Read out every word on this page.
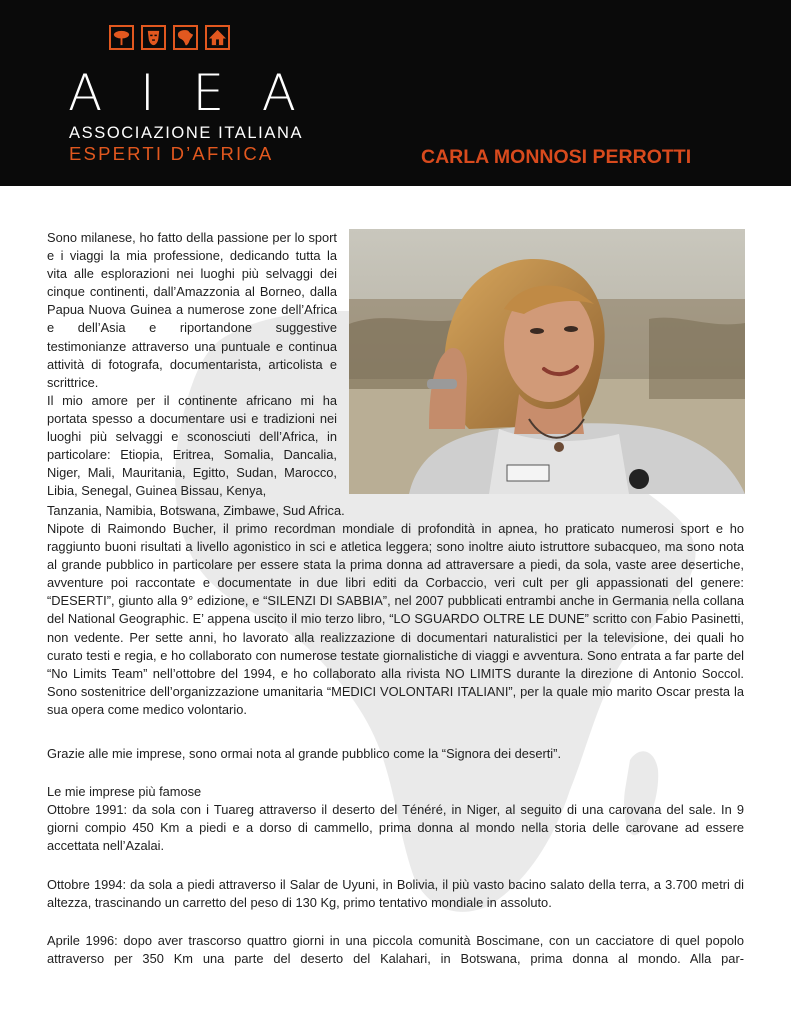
A I E A
ASSOCIAZIONE ITALIANA
ESPERTI D’AFRICA	CARLA MONNOSI PERROTTI

Sono milanese, ho fatto della passione per lo sport e i viaggi la mia professione, dedicando tutta la vita alle esplorazioni nei luoghi più selvaggi dei cinque continenti, dall’Amazzonia al Borneo, dalla Papua Nuova Guinea a numerose zone dell’Africa e dell’Asia e riportandone suggestive testimonianze attraverso una puntuale e continua attività di fotografa, documentarista, articolista e scrittrice.

Il mio amore per il continente africano mi ha portata spesso a documentare usi e tradizioni nei luoghi più selvaggi e sconosciuti dell’Africa, in particolare: Etiopia, Eritrea, Somalia, Dancalia, Niger, Mali, Mauritania, Egitto, Sudan, Marocco, Libia, Senegal, Guinea Bissau, Kenya,

Tanzania, Namibia, Botswana, Zimbawe, Sud Africa.

Nipote di Raimondo Bucher, il primo recordman mondiale di profondità in apnea, ho praticato numerosi sport e ho raggiunto buoni risultati a livello agonistico in sci e atletica leggera; sono inoltre aiuto istruttore subacqueo, ma sono nota al grande pubblico in particolare per essere stata la prima donna ad attraversare a piedi, da sola, vaste aree desertiche, avventure poi raccontate e documentate in due libri editi da Corbaccio, veri cult per gli appassionati del genere: “DESERTI”, giunto alla 9° edizione, e “SILENZI DI SABBIA”, nel 2007 pubblicati entrambi anche in Germania nella collana del National Geographic. E’ appena uscito il mio terzo libro, “LO SGUARDO OLTRE LE DUNE” scritto con Fabio Pasinetti, non vedente. Per sette anni, ho lavorato alla realizzazione di documentari naturalistici per la televisione, dei quali ho curato testi e regia, e ho collaborato con numerose testate giornalistiche di viaggi e avventura. Sono entrata a far parte del “No Limits Team” nell’ottobre del 1994, e ho collaborato alla rivista NO LIMITS durante la direzione di Antonio Soccol. Sono sostenitrice dell’organizzazione umanitaria “MEDICI VOLONTARI ITALIANI”, per la quale mio marito Oscar presta la sua opera come medico volontario.

Grazie alle mie imprese, sono ormai nota al grande pubblico come la “Signora dei deserti”.

Le mie imprese più famose

Ottobre 1991: da sola con i Tuareg attraverso il deserto del Ténéré, in Niger, al seguito di una carovana del sale. In 9 giorni compio 450 Km a piedi e a dorso di cammello, prima donna al mondo nella storia delle carovane ad essere accettata nell’Azalai.

Ottobre 1994: da sola a piedi attraverso il Salar de Uyuni, in Bolivia, il più vasto bacino salato della terra, a 3.700 metri di altezza, trascinando un carretto del peso di 130 Kg, primo tentativo mondiale in assoluto.

Aprile 1996: dopo aver trascorso quattro giorni in una piccola comunità Boscimane, con un cacciatore di quel popolo attraverso per 350 Km una parte del deserto del Kalahari, in Botswana, prima donna al mondo. Alla par-
